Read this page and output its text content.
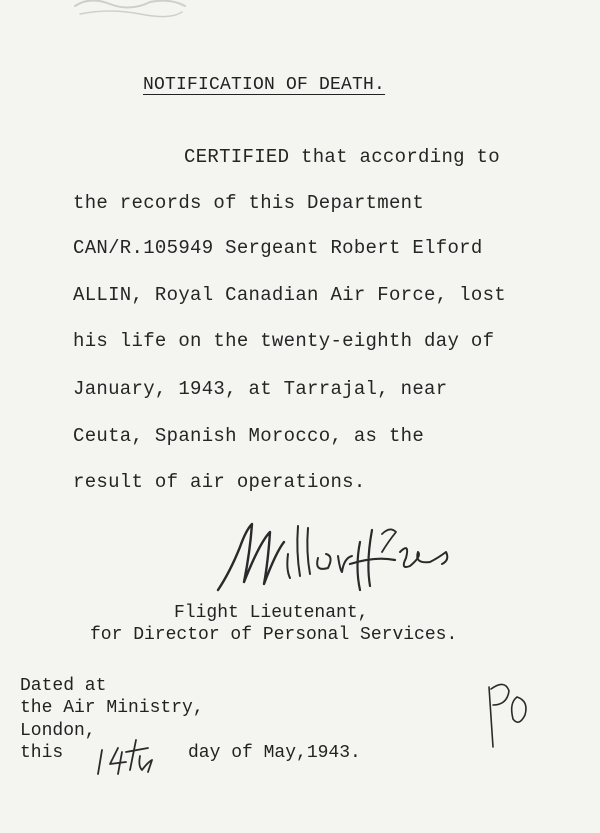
NOTIFICATION OF DEATH.
CERTIFIED that according to
the records of this Department
CAN/R.105949 Sergeant Robert Elford
ALLIN, Royal Canadian Air Force, lost
his life on the twenty-eighth day of
January, 1943, at Tarrajal, near
Ceuta, Spanish Morocco, as the
result of air operations.
Flight Lieutenant,
for Director of Personal Services.
Dated at
the Air Ministry,
London,
this	day of May,1943.
